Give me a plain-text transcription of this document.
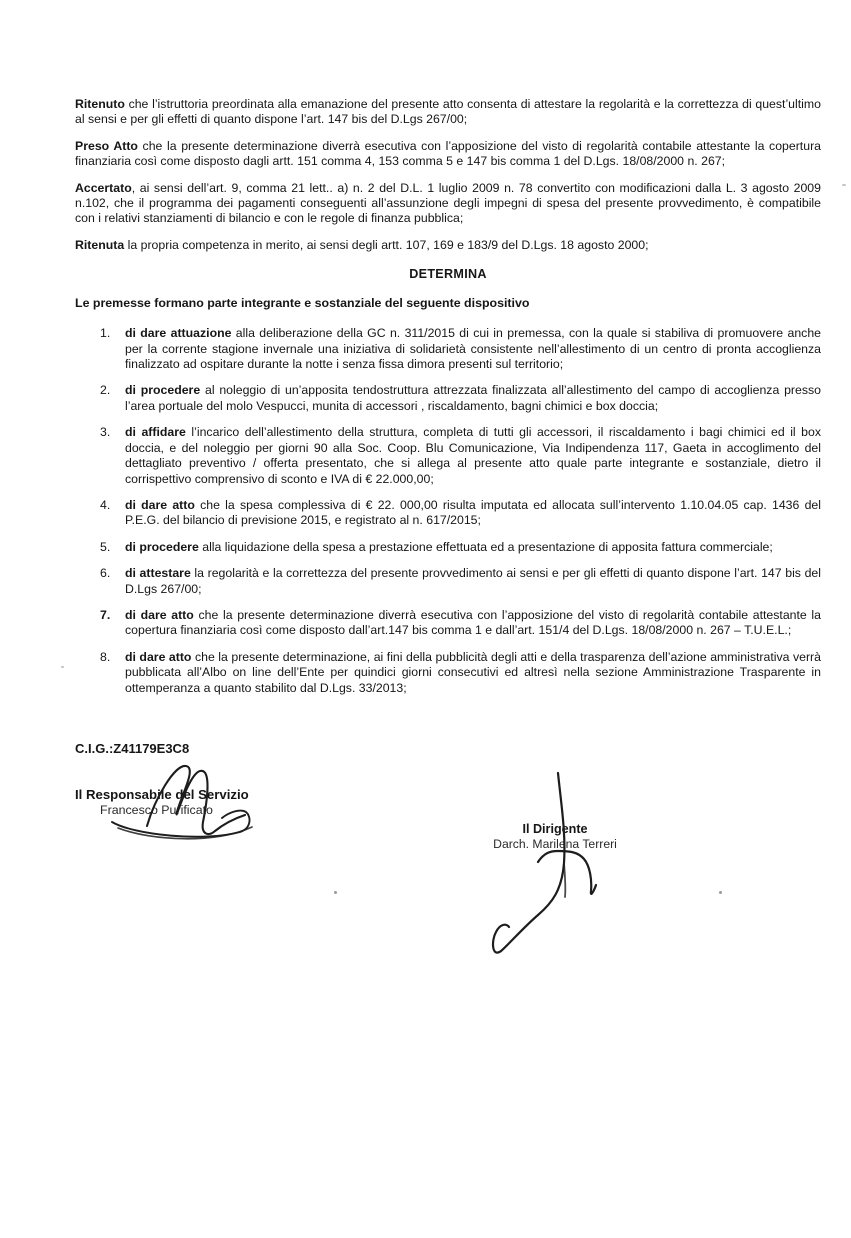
Ritenuto che l’istruttoria preordinata alla emanazione del presente atto consenta di attestare la regolarità e la correttezza di quest’ultimo al sensi e per gli effetti di quanto dispone l’art. 147 bis del D.Lgs 267/00;

Preso Atto che la presente determinazione diverrà esecutiva con l’apposizione del visto di regolarità contabile attestante la copertura finanziaria così come disposto dagli artt. 151 comma 4, 153 comma 5 e 147 bis comma 1 del D.Lgs. 18/08/2000 n. 267;

Accertato, ai sensi dell’art. 9, comma 21 lett.. a) n. 2 del D.L. 1 luglio 2009 n. 78 convertito con modificazioni dalla L. 3 agosto 2009 n.102, che il programma dei pagamenti conseguenti all’assunzione degli impegni di spesa del presente provvedimento, è compatibile con i relativi stanziamenti di bilancio e con le regole di finanza pubblica;

Ritenuta la propria competenza in merito, ai sensi degli artt. 107, 169 e 183/9 del D.Lgs. 18 agosto 2000;

DETERMINA
Le premesse formano parte integrante e sostanziale del seguente dispositivo
1.	di dare attuazione alla deliberazione della GC n. 311/2015 di cui in premessa, con la quale si stabiliva di promuovere anche per la corrente stagione invernale una iniziativa di solidarietà consistente nell’allestimento di un centro di pronta accoglienza finalizzato ad ospitare durante la notte i senza fissa dimora presenti sul territorio;
2.	di procedere al noleggio di un’apposita tendostruttura attrezzata finalizzata all’allestimento del campo di accoglienza presso l’area portuale del molo Vespucci, munita di accessori , riscaldamento, bagni chimici e box doccia;
3.	di affidare l’incarico dell’allestimento della struttura, completa di tutti gli accessori, il riscaldamento i bagi chimici ed il box doccia, e del noleggio per giorni 90 alla Soc. Coop. Blu Comunicazione, Via Indipendenza 117, Gaeta in accoglimento del dettagliato preventivo / offerta presentato, che si allega al presente atto quale parte integrante e sostanziale, dietro il corrispettivo comprensivo di sconto e IVA di € 22.000,00;
4.	di dare atto che la spesa complessiva di € 22. 000,00 risulta imputata ed allocata sull’intervento 1.10.04.05 cap. 1436 del P.E.G. del bilancio di previsione 2015, e registrato al n. 617/2015;
5.	di procedere alla liquidazione della spesa a prestazione effettuata ed a presentazione di apposita fattura commerciale;
6.	di attestare la regolarità e la correttezza del presente provvedimento ai sensi e per gli effetti di quanto dispone l’art. 147 bis del D.Lgs 267/00;
7.	di dare atto che la presente determinazione diverrà esecutiva con l’apposizione del visto di regolarità contabile attestante la copertura finanziaria così come disposto dall’art.147 bis comma 1 e dall’art. 151/4 del D.Lgs. 18/08/2000 n. 267 – T.U.E.L.;
8.	di dare atto che la presente determinazione, ai fini della pubblicità degli atti e della trasparenza dell’azione amministrativa verrà pubblicata all’Albo on line dell’Ente per quindici giorni consecutivi ed altresì nella sezione Amministrazione Trasparente in ottemperanza a quanto stabilito dal D.Lgs. 33/2013;
C.I.G.:Z41179E3C8
Il Responsabile del Servizio
Francesco Purificato
Il Dirigente
Darch. Marilena Terreri
